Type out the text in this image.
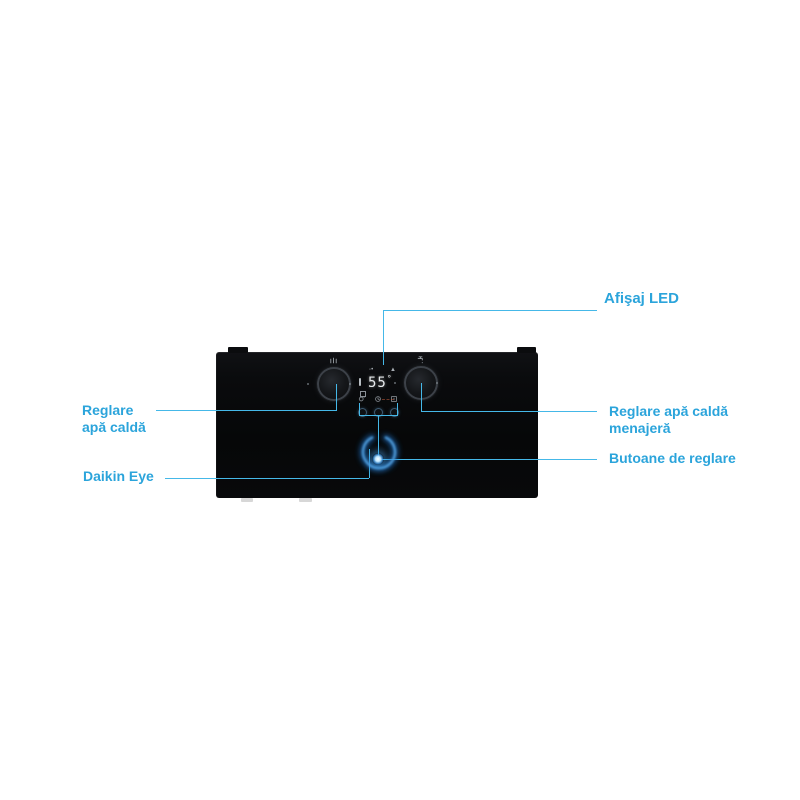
◦•	▲
55°
Afişaj LED
Reglare
apă caldă
Reglare apă caldă
menajeră
Daikin Eye
Butoane de reglare
